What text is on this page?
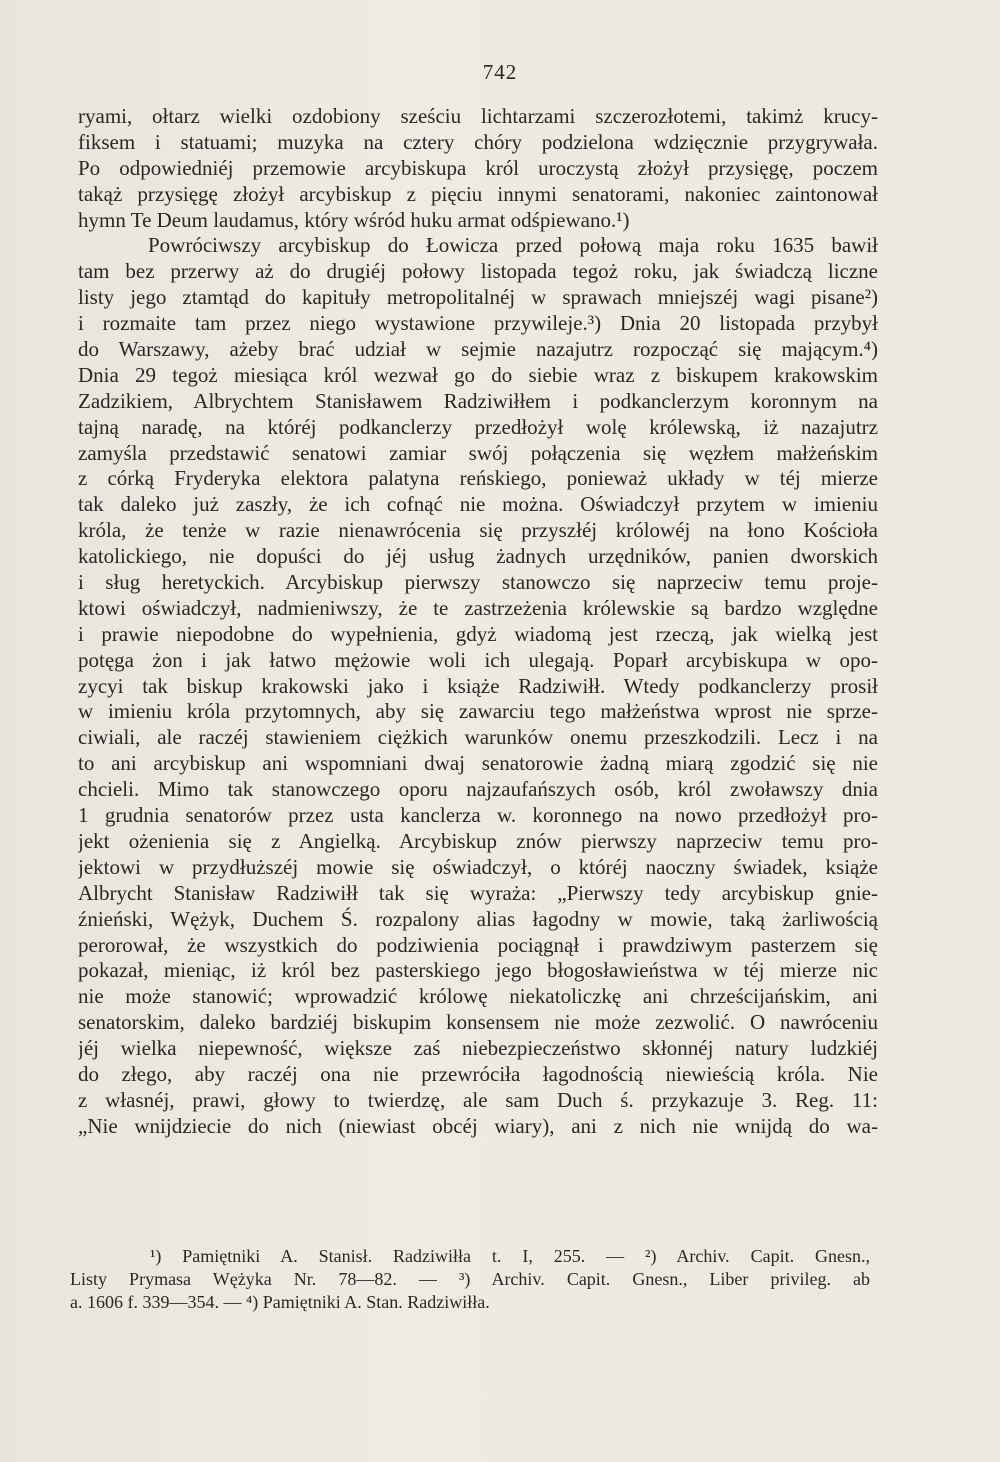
742
ryami, ołtarz wielki ozdobiony sześciu lichtarzami szczerozłotemi, takimż krucy-
fiksem i statuami; muzyka na cztery chóry podzielona wdzięcznie przygrywała.
Po odpowiedniéj przemowie arcybiskupa król uroczystą złożył przysięgę, poczem
takąż przysięgę złożył arcybiskup z pięciu innymi senatorami, nakoniec zaintonował
hymn Te Deum laudamus, który wśród huku armat odśpiewano.¹)
Powróciwszy arcybiskup do Łowicza przed połową maja roku 1635 bawił
tam bez przerwy aż do drugiéj połowy listopada tegoż roku, jak świadczą liczne
listy jego ztamtąd do kapituły metropolitalnéj w sprawach mniejszéj wagi pisane²)
i rozmaite tam przez niego wystawione przywileje.³) Dnia 20 listopada przybył
do Warszawy, ażeby brać udział w sejmie nazajutrz rozpocząć się mającym.⁴)
Dnia 29 tegoż miesiąca król wezwał go do siebie wraz z biskupem krakowskim
Zadzikiem, Albrychtem Stanisławem Radziwiłłem i podkanclerzym koronnym na
tajną naradę, na któréj podkanclerzy przedłożył wolę królewską, iż nazajutrz
zamyśla przedstawić senatowi zamiar swój połączenia się węzłem małżeńskim
z córką Fryderyka elektora palatyna reńskiego, ponieważ układy w téj mierze
tak daleko już zaszły, że ich cofnąć nie można. Oświadczył przytem w imieniu
króla, że tenże w razie nienawrócenia się przyszłéj królowéj na łono Kościoła
katolickiego, nie dopuści do jéj usług żadnych urzędników, panien dworskich
i sług heretyckich. Arcybiskup pierwszy stanowczo się naprzeciw temu proje-
ktowi oświadczył, nadmieniwszy, że te zastrzeżenia królewskie są bardzo względne
i prawie niepodobne do wypełnienia, gdyż wiadomą jest rzeczą, jak wielką jest
potęga żon i jak łatwo mężowie woli ich ulegają. Poparł arcybiskupa w opo-
zycyi tak biskup krakowski jako i książe Radziwiłł. Wtedy podkanclerzy prosił
w imieniu króla przytomnych, aby się zawarciu tego małżeństwa wprost nie sprze-
ciwiali, ale raczéj stawieniem ciężkich warunków onemu przeszkodzili. Lecz i na
to ani arcybiskup ani wspomniani dwaj senatorowie żadną miarą zgodzić się nie
chcieli. Mimo tak stanowczego oporu najzaufańszych osób, król zwoławszy dnia
1 grudnia senatorów przez usta kanclerza w. koronnego na nowo przedłożył pro-
jekt ożenienia się z Angielką. Arcybiskup znów pierwszy naprzeciw temu pro-
jektowi w przydłuższéj mowie się oświadczył, o któréj naoczny świadek, książe
Albrycht Stanisław Radziwiłł tak się wyraża: „Pierwszy tedy arcybiskup gnie-
źnieński, Wężyk, Duchem Ś. rozpalony alias łagodny w mowie, taką żarliwością
perorował, że wszystkich do podziwienia pociągnął i prawdziwym pasterzem się
pokazał, mieniąc, iż król bez pasterskiego jego błogosławieństwa w téj mierze nic
nie może stanowić; wprowadzić królowę niekatoliczkę ani chrześcijańskim, ani
senatorskim, daleko bardziéj biskupim konsensem nie może zezwolić. O nawróceniu
jéj wielka niepewność, większe zaś niebezpieczeństwo skłonnéj natury ludzkiéj
do złego, aby raczéj ona nie przewróciła łagodnością niewieścią króla. Nie
z własnéj, prawi, głowy to twierdzę, ale sam Duch ś. przykazuje 3. Reg. 11:
„Nie wnijdziecie do nich (niewiast obcéj wiary), ani z nich nie wnijdą do wa-
¹) Pamiętniki A. Stanisł. Radziwiłła t. I, 255. — ²) Archiv. Capit. Gnesn.,
Listy Prymasa Wężyka Nr. 78—82. — ³) Archiv. Capit. Gnesn., Liber privileg. ab
a. 1606 f. 339—354. — ⁴) Pamiętniki A. Stan. Radziwiłła.
